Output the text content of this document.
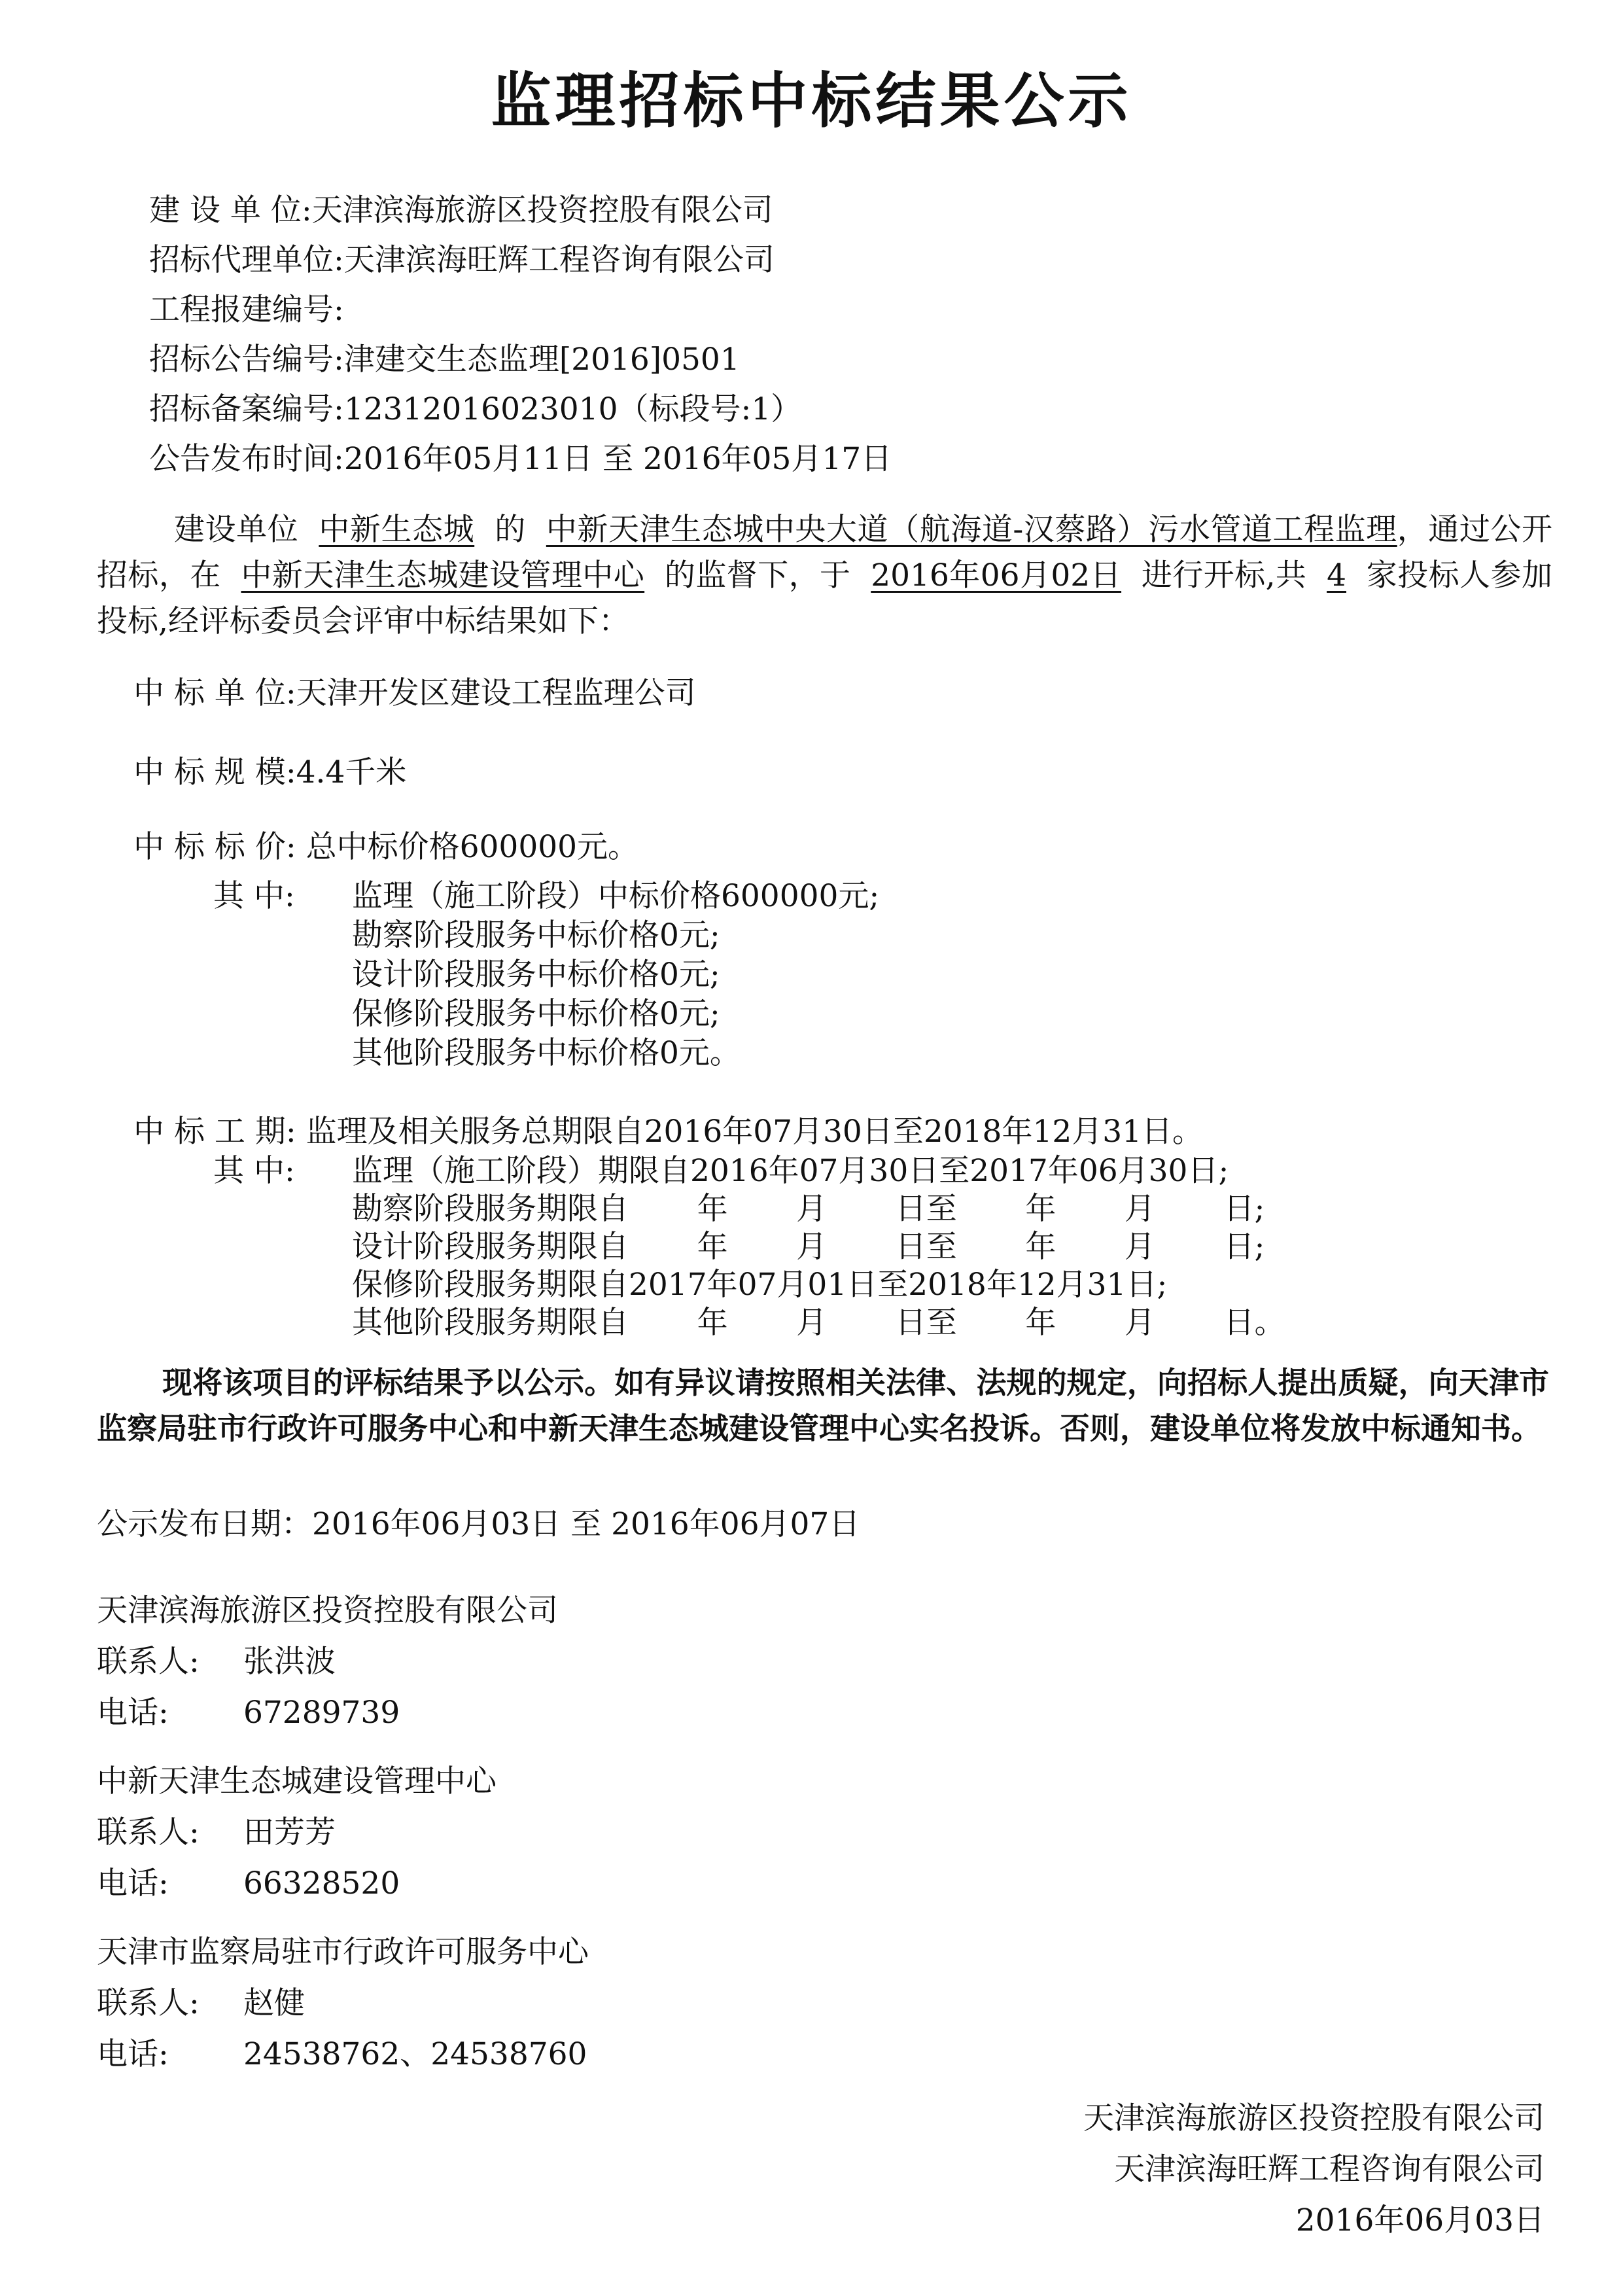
监理招标中标结果公示
建 设 单 位:天津滨海旅游区投资控股有限公司
招标代理单位:天津滨海旺辉工程咨询有限公司
工程报建编号:
招标公告编号:津建交生态监理[2016]0501
招标备案编号:12312016023010（标段号:1）
公告发布时间:2016年05月11日 至 2016年05月17日
建设单位 中新生态城 的 中新天津生态城中央大道（航海道-汉蔡路）污水管道工程监理，通过公开招标，在 中新天津生态城建设管理中心 的监督下，于 2016年06月02日 进行开标,共 4 家投标人参加投标,经评标委员会评审中标结果如下：
中 标 单 位:天津开发区建设工程监理公司
中 标 规 模:4.4千米
中 标 标 价: 总中标价格600000元。
其 中: 监理（施工阶段）中标价格600000元;
勘察阶段服务中标价格0元;
设计阶段服务中标价格0元;
保修阶段服务中标价格0元;
其他阶段服务中标价格0元。
中 标 工 期: 监理及相关服务总期限自2016年07月30日至2018年12月31日。
其 中: 监理（施工阶段）期限自2016年07月30日至2017年06月30日;
勘察阶段服务期限自       年       月       日至       年       月       日;
设计阶段服务期限自       年       月       日至       年       月       日;
保修阶段服务期限自2017年07月01日至2018年12月31日;
其他阶段服务期限自       年       月       日至       年       月       日。
现将该项目的评标结果予以公示。如有异议请按照相关法律、法规的规定，向招标人提出质疑，向天津市监察局驻市行政许可服务中心和中新天津生态城建设管理中心实名投诉。否则，建设单位将发放中标通知书。
公示发布日期：2016年06月03日 至 2016年06月07日
天津滨海旅游区投资控股有限公司
联系人: 张洪波
电话: 67289739
中新天津生态城建设管理中心
联系人: 田芳芳
电话: 66328520
天津市监察局驻市行政许可服务中心
联系人: 赵健
电话: 24538762、24538760
天津滨海旅游区投资控股有限公司
天津滨海旺辉工程咨询有限公司
2016年06月03日
